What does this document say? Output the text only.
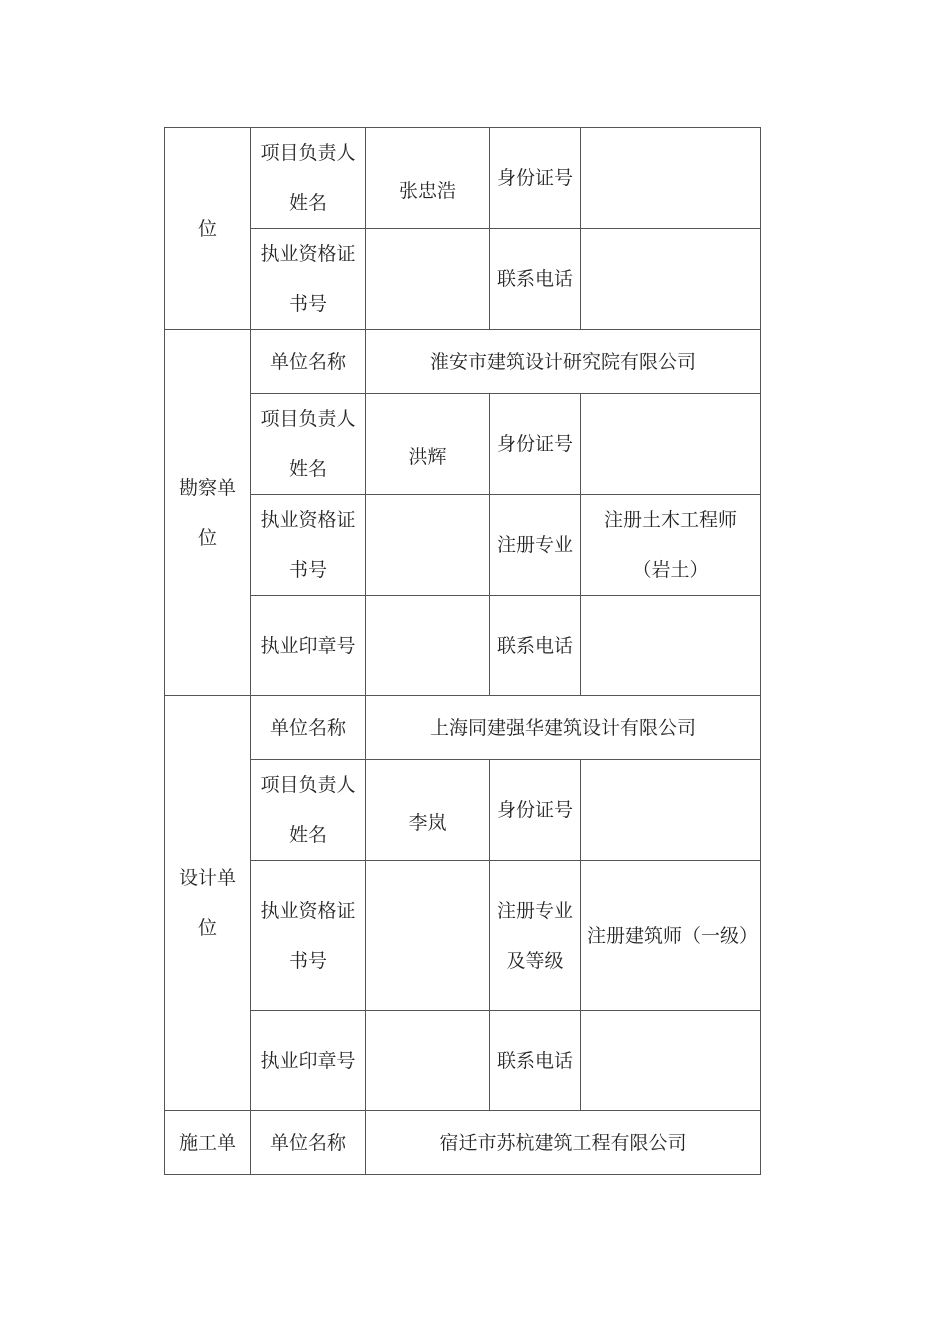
位	项目负责人姓名	张忠浩	身份证号	
	执业资格证书号		联系电话	
勘察单位	单位名称	淮安市建筑设计研究院有限公司		
	项目负责人姓名	洪辉	身份证号	
	执业资格证书号		注册专业	注册土木工程师（岩土）
	执业印章号		联系电话	
设计单位	单位名称	上海同建强华建筑设计有限公司		
	项目负责人姓名	李岚	身份证号	
	执业资格证书号		注册专业及等级	注册建筑师（一级）
	执业印章号		联系电话	
施工单	单位名称	宿迁市苏杭建筑工程有限公司		
